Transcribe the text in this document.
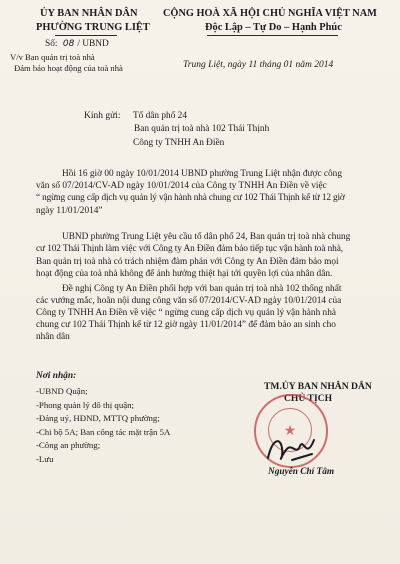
ỦY BAN NHÂN DÂN
PHƯỜNG TRUNG LIỆT
Số: 08 / UBND
V/v Ban quản trị toà nhà
Đảm bảo hoạt động của toà nhà
CỘNG HOÀ XÃ HỘI CHỦ NGHĨA VIỆT NAM
Độc Lập – Tự Do – Hạnh Phúc
Trung Liệt, ngày 11 tháng 01 năm 2014
Kính gửi: Tổ dân phố 24
Ban quản trị toà nhà 102 Thái Thịnh
Công ty TNHH An Điền
Hồi 16 giờ 00 ngày 10/01/2014 UBND phường Trung Liệt nhận được công
văn số 07/2014/CV-AD ngày 10/01/2014 của Công ty TNHH An Điền về việc
“ ngừng cung cấp dịch vụ quản lý vận hành nhà chung cư 102 Thái Thịnh kể từ 12 giờ
ngày 11/01/2014”
UBND phường Trung Liệt yêu cầu tổ dân phố 24, Ban quản trị toà nhà chung
cư 102 Thái Thịnh làm việc với Công ty An Điền đảm bảo tiếp tục vận hành toà nhà,
Ban quản trị toà nhà có trách nhiệm đàm phán với Công ty An Điền đảm bảo mọi
hoạt động của toà nhà không để ảnh hưởng thiệt hại tới quyền lợi của nhân dân.
Đề nghị Công ty An Điền phối hợp với ban quản trị toà nhà 102 thống nhất
các vướng mắc, hoãn nội dung công văn số 07/2014/CV-AD ngày 10/01/2014 của
Công ty TNHH An Điền về việc “ ngừng cung cấp dịch vụ quản lý vận hành nhà
chung cư 102 Thái Thịnh kể từ 12 giờ ngày 11/01/2014” để đảm bảo an sinh cho
nhân dân
Nơi nhận:
-UBND Quận;
-Phong quản lý đô thị quận;
-Đảng uỷ, HĐND, MTTQ phường;
-Chi bộ 5A; Ban công tác mặt trận 5A
-Công an phường;
-Lưu
TM.ỦY BAN NHÂN DÂN
CHỦ TỊCH
★
Nguyễn Chí Tâm
